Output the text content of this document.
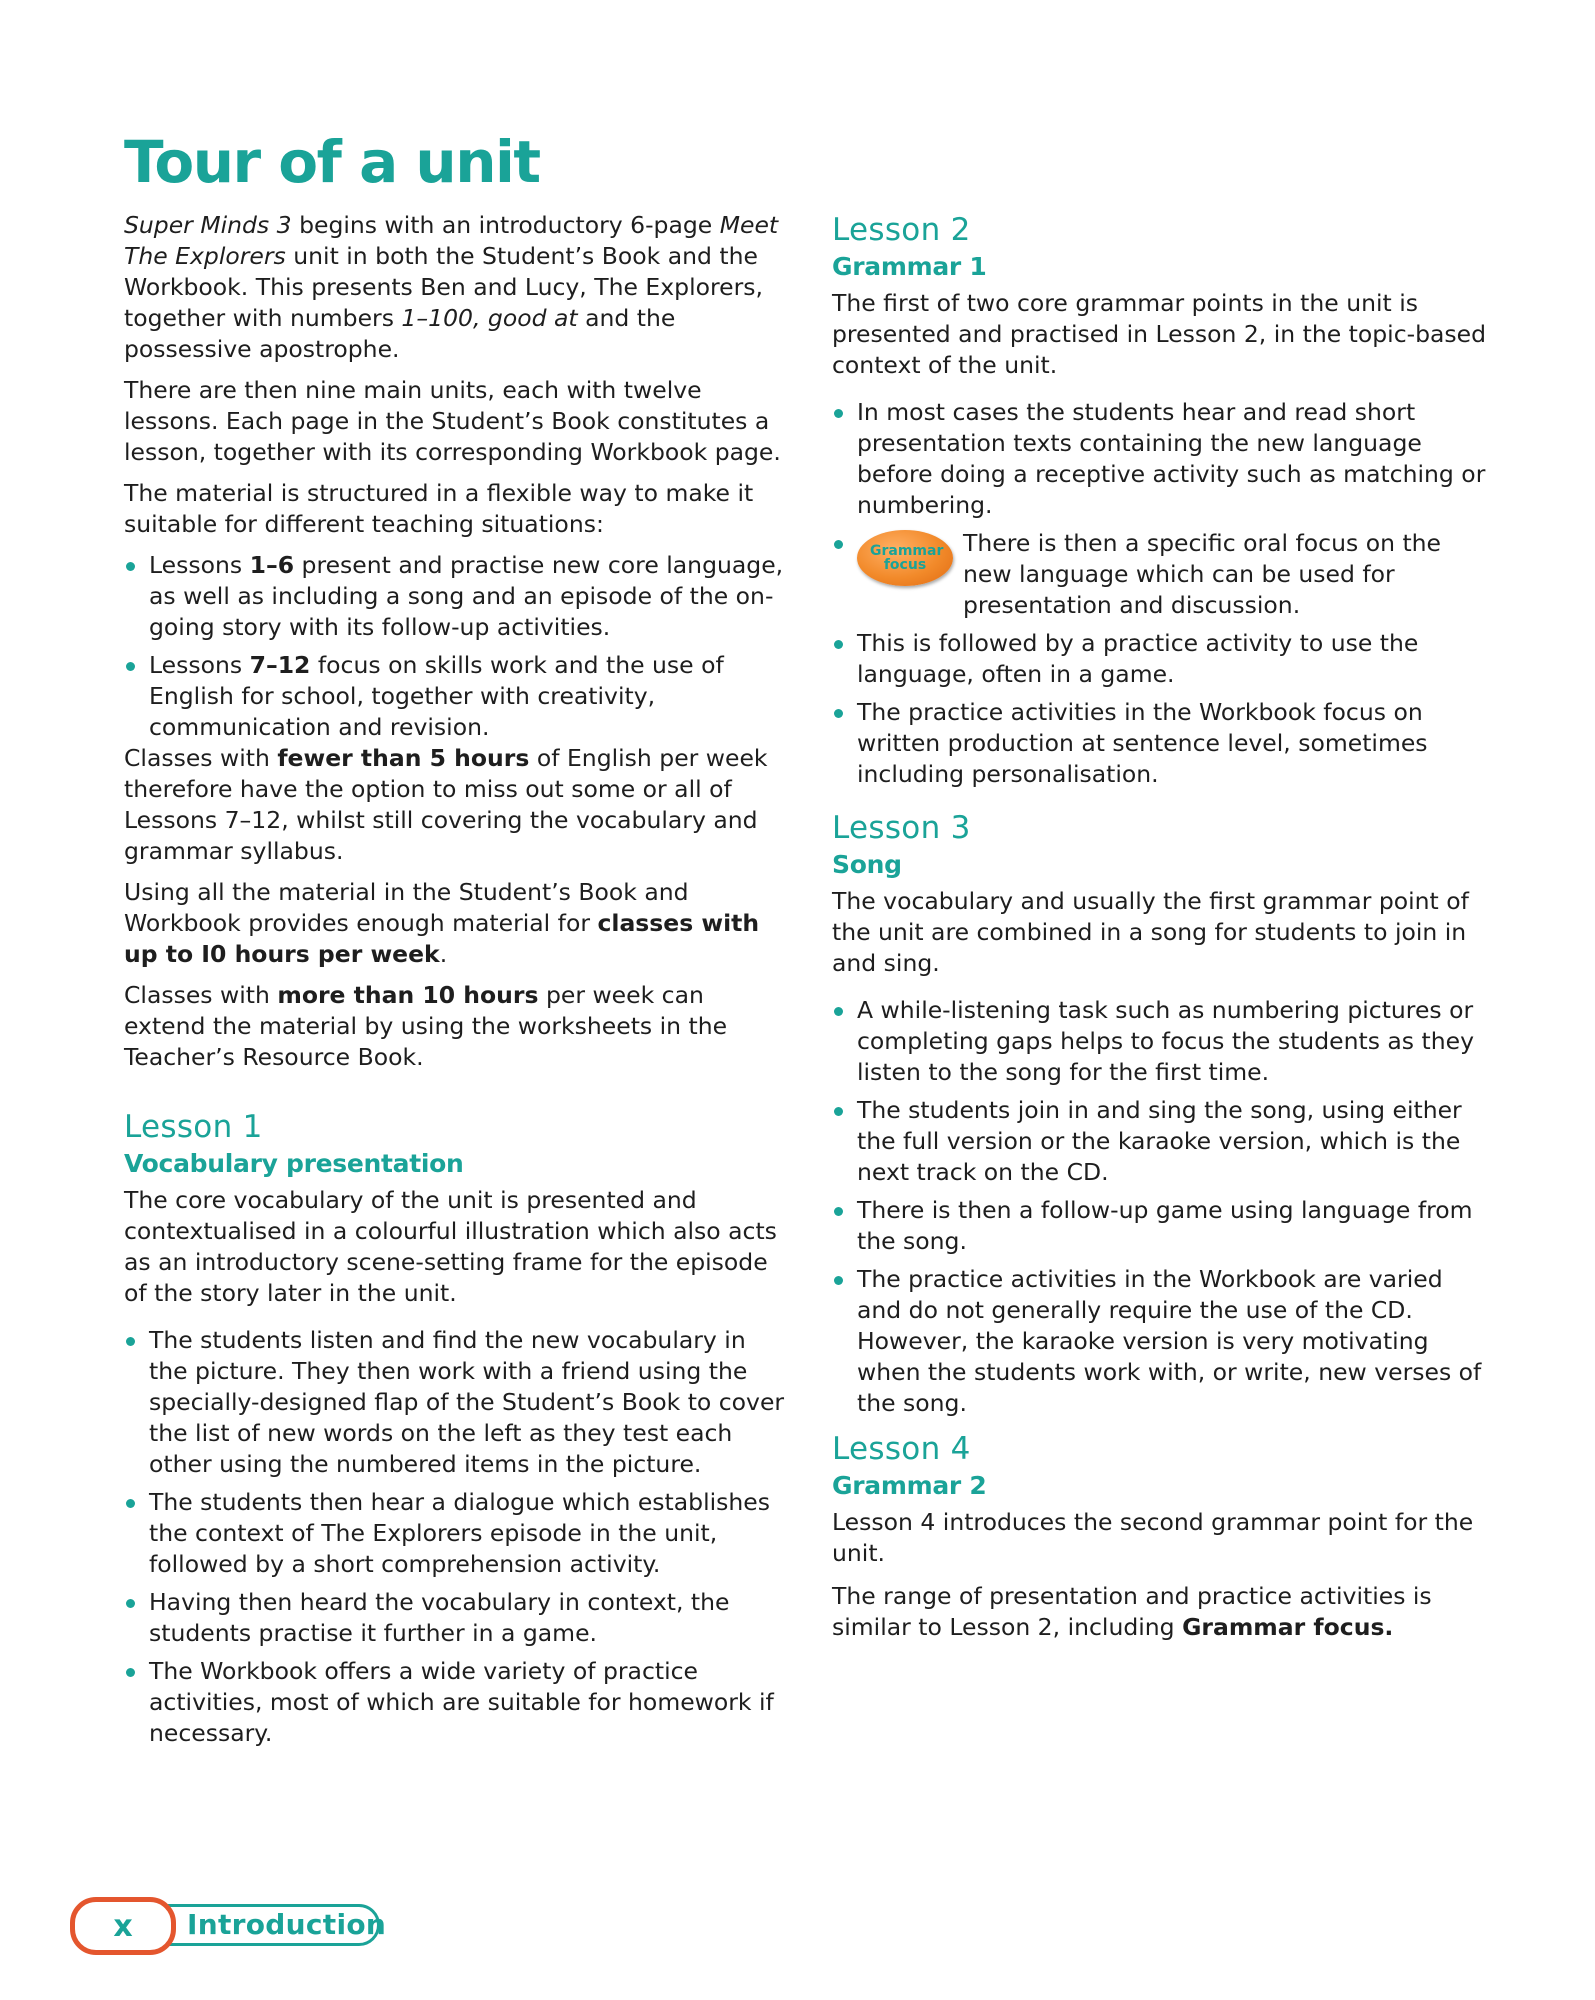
Tour of a unit

Super Minds 3 begins with an introductory 6-page Meet The Explorers unit in both the Student’s Book and the Workbook. This presents Ben and Lucy, The Explorers, together with numbers 1–100, good at and the possessive apostrophe.

There are then nine main units, each with twelve lessons. Each page in the Student’s Book constitutes a lesson, together with its corresponding Workbook page.

The material is structured in a flexible way to make it suitable for different teaching situations:

Lessons 1–6 present and practise new core language, as well as including a song and an episode of the on-going story with its follow-up activities.
Lessons 7–12 focus on skills work and the use of English for school, together with creativity, communication and revision.

Classes with fewer than 5 hours of English per week therefore have the option to miss out some or all of Lessons 7–12, whilst still covering the vocabulary and grammar syllabus.

Using all the material in the Student’s Book and Workbook provides enough material for classes with up to I0 hours per week.

Classes with more than 10 hours per week can extend the material by using the worksheets in the Teacher’s Resource Book.

Lesson 1
Vocabulary presentation

The core vocabulary of the unit is presented and contextualised in a colourful illustration which also acts as an introductory scene-setting frame for the episode of the story later in the unit.

The students listen and find the new vocabulary in the picture. They then work with a friend using the specially-designed flap of the Student’s Book to cover the list of new words on the left as they test each other using the numbered items in the picture.
The students then hear a dialogue which establishes the context of The Explorers episode in the unit, followed by a short comprehension activity.
Having then heard the vocabulary in context, the students practise it further in a game.
The Workbook offers a wide variety of practice activities, most of which are suitable for homework if necessary.
Lesson 2
Grammar 1

The first of two core grammar points in the unit is presented and practised in Lesson 2, in the topic-based context of the unit.

In most cases the students hear and read short presentation texts containing the new language before doing a receptive activity such as matching or numbering.
Grammar focus
There is then a specific oral focus on the new language which can be used for presentation and discussion.
This is followed by a practice activity to use the language, often in a game.
The practice activities in the Workbook focus on written production at sentence level, sometimes including personalisation.
Lesson 3
Song

The vocabulary and usually the first grammar point of the unit are combined in a song for students to join in and sing.

A while-listening task such as numbering pictures or completing gaps helps to focus the students as they listen to the song for the first time.
The students join in and sing the song, using either the full version or the karaoke version, which is the next track on the CD.
There is then a follow-up game using language from the song.
The practice activities in the Workbook are varied and do not generally require the use of the CD. However, the karaoke version is very motivating when the students work with, or write, new verses of the song.
Lesson 4
Grammar 2

Lesson 4 introduces the second grammar point for the unit.

The range of presentation and practice activities is similar to Lesson 2, including Grammar focus.

Introduction
x
